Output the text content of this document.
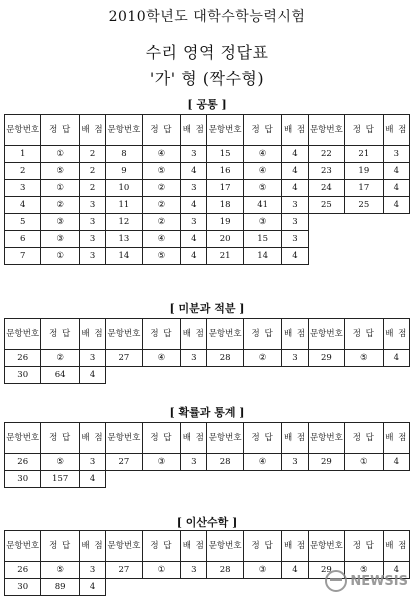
2010학년도 대학수학능력시험
수리 영역 정답표
'가' 형 (짝수형)
[ 공통 ]
문항번호	정 답	배 점	문항번호	정 답	배 점	문항번호	정 답	배 점	문항번호	정 답	배 점
1	①	2	8	④	3	15	④	4	22	21	3
2	⑤	2	9	⑤	4	16	④	4	23	19	4
3	①	2	10	②	3	17	⑤	4	24	17	4
4	②	3	11	②	4	18	41	3	25	25	4
5	③	3	12	②	3	19	③	3			
6	③	3	13	④	4	20	15	3			
7	①	3	14	⑤	4	21	14	4			
[ 미분과 적분 ]
문항번호	정 답	배 점	문항번호	정 답	배 점	문항번호	정 답	배 점	문항번호	정 답	배 점
26	②	3	27	④	3	28	②	3	29	⑤	4
30	64	4									
[ 확률과 통계 ]
문항번호	정 답	배 점	문항번호	정 답	배 점	문항번호	정 답	배 점	문항번호	정 답	배 점
26	⑤	3	27	③	3	28	④	3	29	①	4
30	157	4									
[ 이산수학 ]
문항번호	정 답	배 점	문항번호	정 답	배 점	문항번호	정 답	배 점	문항번호	정 답	배 점
26	⑤	3	27	①	3	28	③	4	29	⑤	4
30	89	4										NEWSIS
